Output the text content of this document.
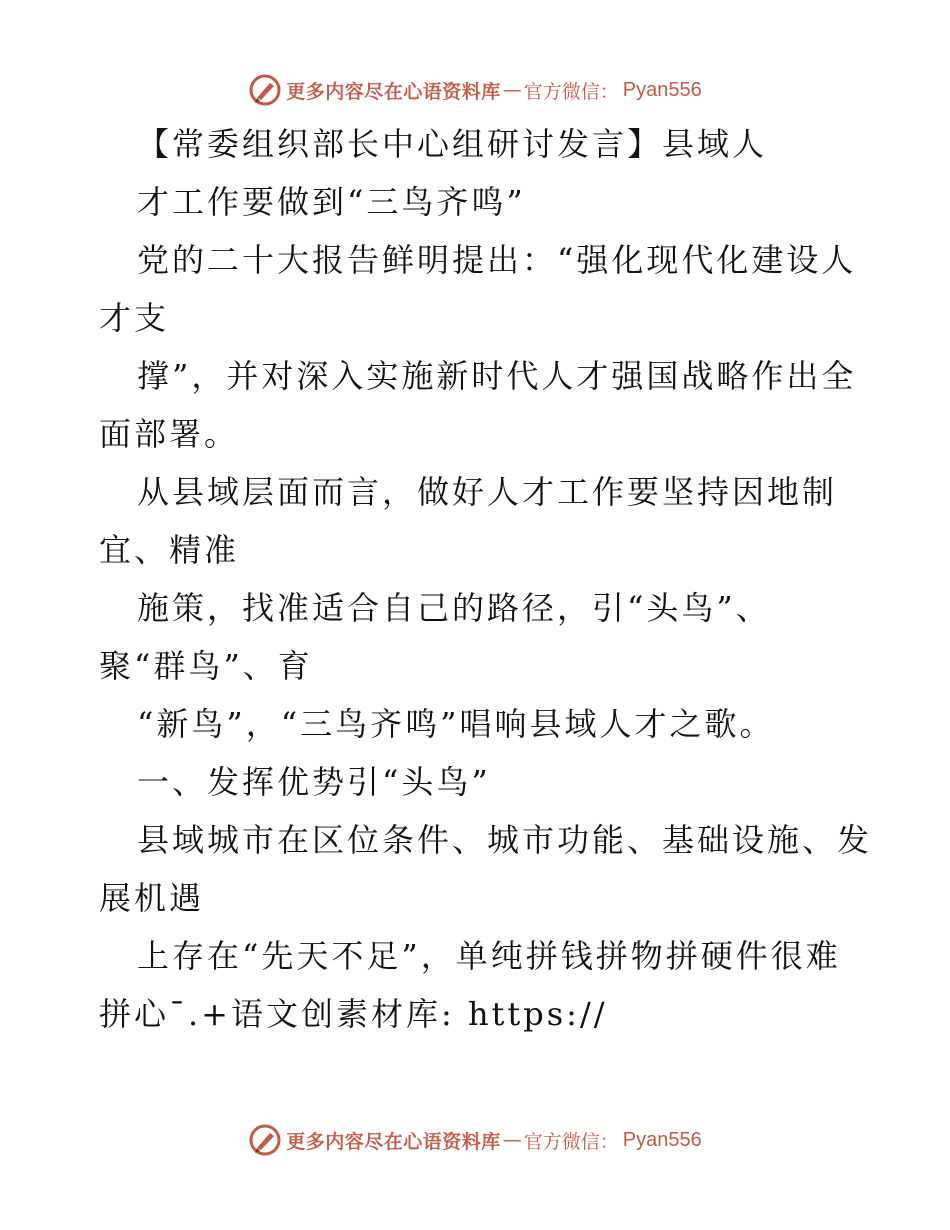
更多内容尽在心语资料库 — 官方微信： Pyan556
【常委组织部长中心组研讨发言】县域人
才工作要做到“三鸟齐鸣”
党的二十大报告鲜明提出：“强化现代化建设人
才支
撑”，并对深入实施新时代人才强国战略作出全
面部署。
从县域层面而言，做好人才工作要坚持因地制
宜、精准
施策，找准适合自己的路径，引“头鸟”、
聚“群鸟”、育
“新鸟”，“三鸟齐鸣”唱响县域人才之歌。
一、发挥优势引“头鸟”
县域城市在区位条件、城市功能、基础设施、发
展机遇
上存在“先天不足”，单纯拼钱拼物拼硬件很难
拼心¯.+语文创素材库: https://
更多内容尽在心语资料库 — 官方微信： Pyan556
